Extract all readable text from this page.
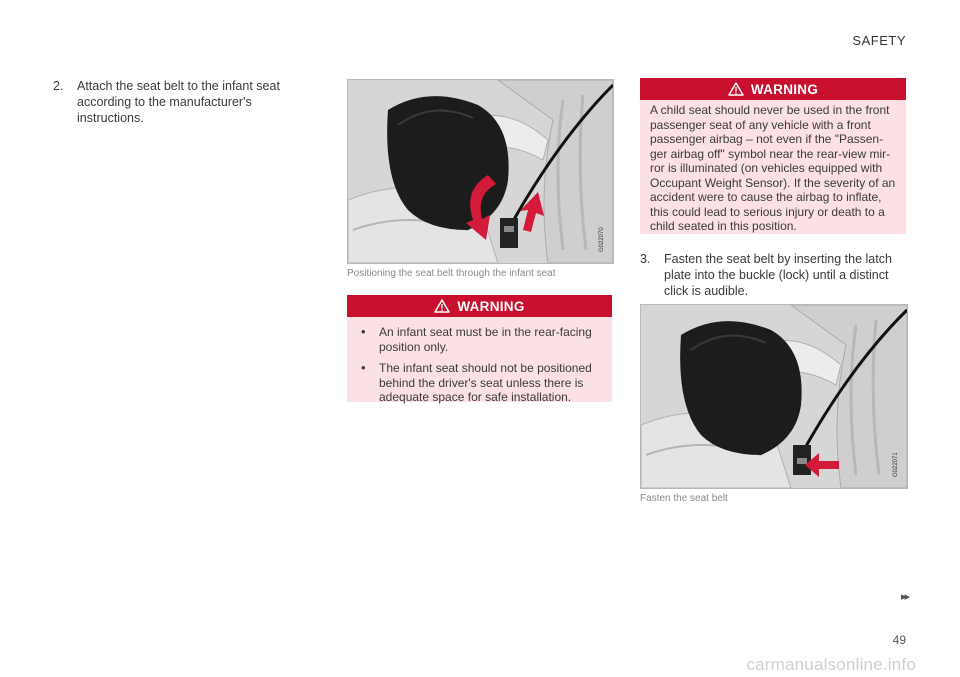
SAFETY
2.	Attach the seat belt to the infant seat according to the manufacturer's instructions.
G022070
Positioning the seat belt through the infant seat
WARNING
•	An infant seat must be in the rear-facing position only.
•	The infant seat should not be positioned behind the driver's seat unless there is adequate space for safe installation.
WARNING
A child seat should never be used in the front passenger seat of any vehicle with a front passenger airbag – not even if the "Passen-ger airbag off" symbol near the rear-view mir-ror is illuminated (on vehicles equipped with Occupant Weight Sensor). If the severity of an accident were to cause the airbag to inflate, this could lead to serious injury or death to a child seated in this position.
3.	Fasten the seat belt by inserting the latch plate into the buckle (lock) until a distinct click is audible.
G022071
Fasten the seat belt
▸▸
49
carmanualsonline.info
